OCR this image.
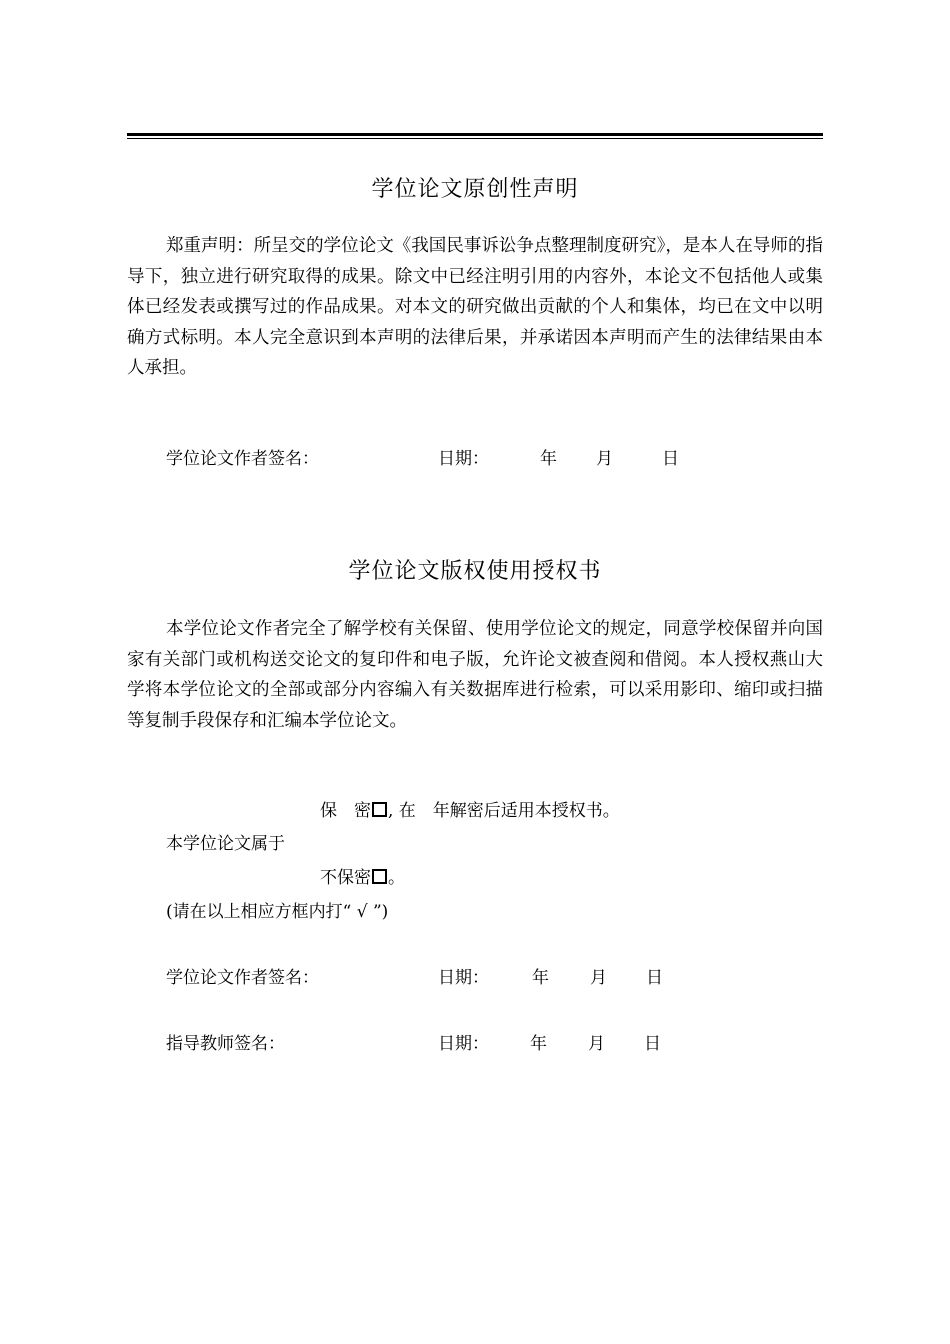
学位论文原创性声明
郑重声明：所呈交的学位论文《我国民事诉讼争点整理制度研究》，是本人在导师的指导下，独立进行研究取得的成果。除文中已经注明引用的内容外，本论文不包括他人或集体已经发表或撰写过的作品成果。对本文的研究做出贡献的个人和集体，均已在文中以明确方式标明。本人完全意识到本声明的法律后果，并承诺因本声明而产生的法律结果由本人承担。
学位论文作者签名：	日期：	年 月	日
学位论文版权使用授权书
本学位论文作者完全了解学校有关保留、使用学位论文的规定，同意学校保留并向国家有关部门或机构送交论文的复印件和电子版，允许论文被查阅和借阅。本人授权燕山大学将本学位论文的全部或部分内容编入有关数据库进行检索，可以采用影印、缩印或扫描等复制手段保存和汇编本学位论文。
保　密 , 在　年解密后适用本授权书。
本学位论文属于
不保密 。
(请在以上相应方框内打“ √ ”)
学位论文作者签名：	日期：	年 月 日
指导教师签名：	日期： 年 月 日
